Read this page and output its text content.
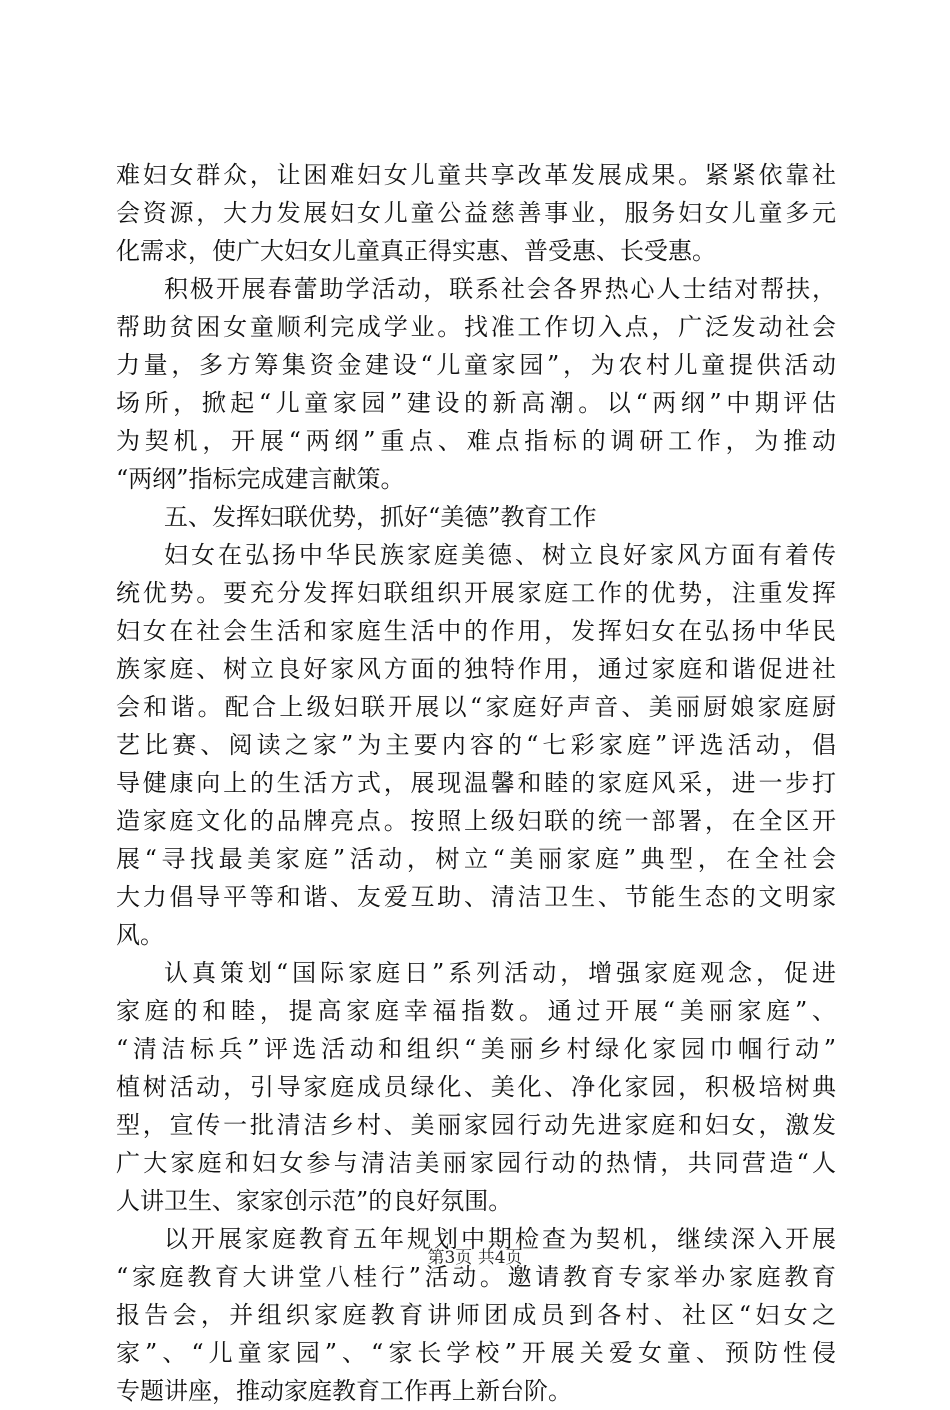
难妇女群众，让困难妇女儿童共享改革发展成果。紧紧依靠社
会资源，大力发展妇女儿童公益慈善事业，服务妇女儿童多元
化需求，使广大妇女儿童真正得实惠、普受惠、长受惠。
积极开展春蕾助学活动，联系社会各界热心人士结对帮扶，
帮助贫困女童顺利完成学业。找准工作切入点，广泛发动社会
力量，多方筹集资金建设“儿童家园”，为农村儿童提供活动
场所，掀起“儿童家园”建设的新高潮。以“两纲”中期评估
为契机，开展“两纲”重点、难点指标的调研工作，为推动
“两纲”指标完成建言献策。
五、发挥妇联优势，抓好“美德”教育工作
妇女在弘扬中华民族家庭美德、树立良好家风方面有着传
统优势。要充分发挥妇联组织开展家庭工作的优势，注重发挥
妇女在社会生活和家庭生活中的作用，发挥妇女在弘扬中华民
族家庭、树立良好家风方面的独特作用，通过家庭和谐促进社
会和谐。配合上级妇联开展以“家庭好声音、美丽厨娘家庭厨
艺比赛、阅读之家”为主要内容的“七彩家庭”评选活动，倡
导健康向上的生活方式，展现温馨和睦的家庭风采，进一步打
造家庭文化的品牌亮点。按照上级妇联的统一部署，在全区开
展“寻找最美家庭”活动，树立“美丽家庭”典型，在全社会
大力倡导平等和谐、友爱互助、清洁卫生、节能生态的文明家
风。
认真策划“国际家庭日”系列活动，增强家庭观念，促进
家庭的和睦，提高家庭幸福指数。通过开展“美丽家庭”、
“清洁标兵”评选活动和组织“美丽乡村绿化家园巾帼行动”
植树活动，引导家庭成员绿化、美化、净化家园，积极培树典
型，宣传一批清洁乡村、美丽家园行动先进家庭和妇女，激发
广大家庭和妇女参与清洁美丽家园行动的热情，共同营造“人
人讲卫生、家家创示范”的良好氛围。
以开展家庭教育五年规划中期检查为契机，继续深入开展
“家庭教育大讲堂八桂行”活动。邀请教育专家举办家庭教育
报告会，并组织家庭教育讲师团成员到各村、社区“妇女之
家”、“儿童家园”、“家长学校”开展关爱女童、预防性侵
专题讲座，推动家庭教育工作再上新台阶。
第3页 共4页
